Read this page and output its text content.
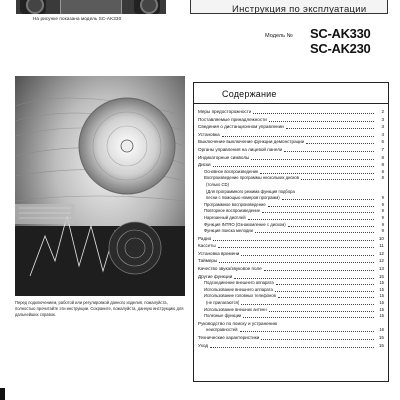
На рисунке показана модель SC-AK330
Инструкция по эксплуатации
Модель № SC-AK330
SC-AK230
Перед подключением, работой или регулировкой данного изделия, пожалуйста, полностью прочитайте эти инструкции. Сохраните, пожалуйста, данную инструкцию для дальнейших справок.
Содержание
Меры предосторожности	2
Поставляемые принадлежности	3
Сведения о дистанционном управлении	3
Установка	4
Выключение выключение функции демонстрации	6
Органы управления на лицевой панели	7
Индикаторные символы	8
Диски	8
Основное воспроизведение	8
Воспроизведение программы нескольких дисков	8
(только CD)
(Для программного режима функция подбора
песни с помощью номеров программ)	9
Программное воспроизведение	9
Повторное воспроизведение	9
Нарезанный дисплей	9
Функция INTRO (Ознакомление с диском)	9
Функция поиска мелодии	9
Радио	10
Кассеты	11
Установка времени	12
Таймеры	12
Качество звука/звуковое поле	13
Другие функции	15
Подсоединение внешнего аппарата	15
Использование внешнего аппарата	15
Использование головных телефонов	15
(не прилагаются)	15
Использование внешних антенн	15
Полезные функции	15
Руководство по поиску и устранению
неисправностей	16
Технические характеристики	15
Уход	15
